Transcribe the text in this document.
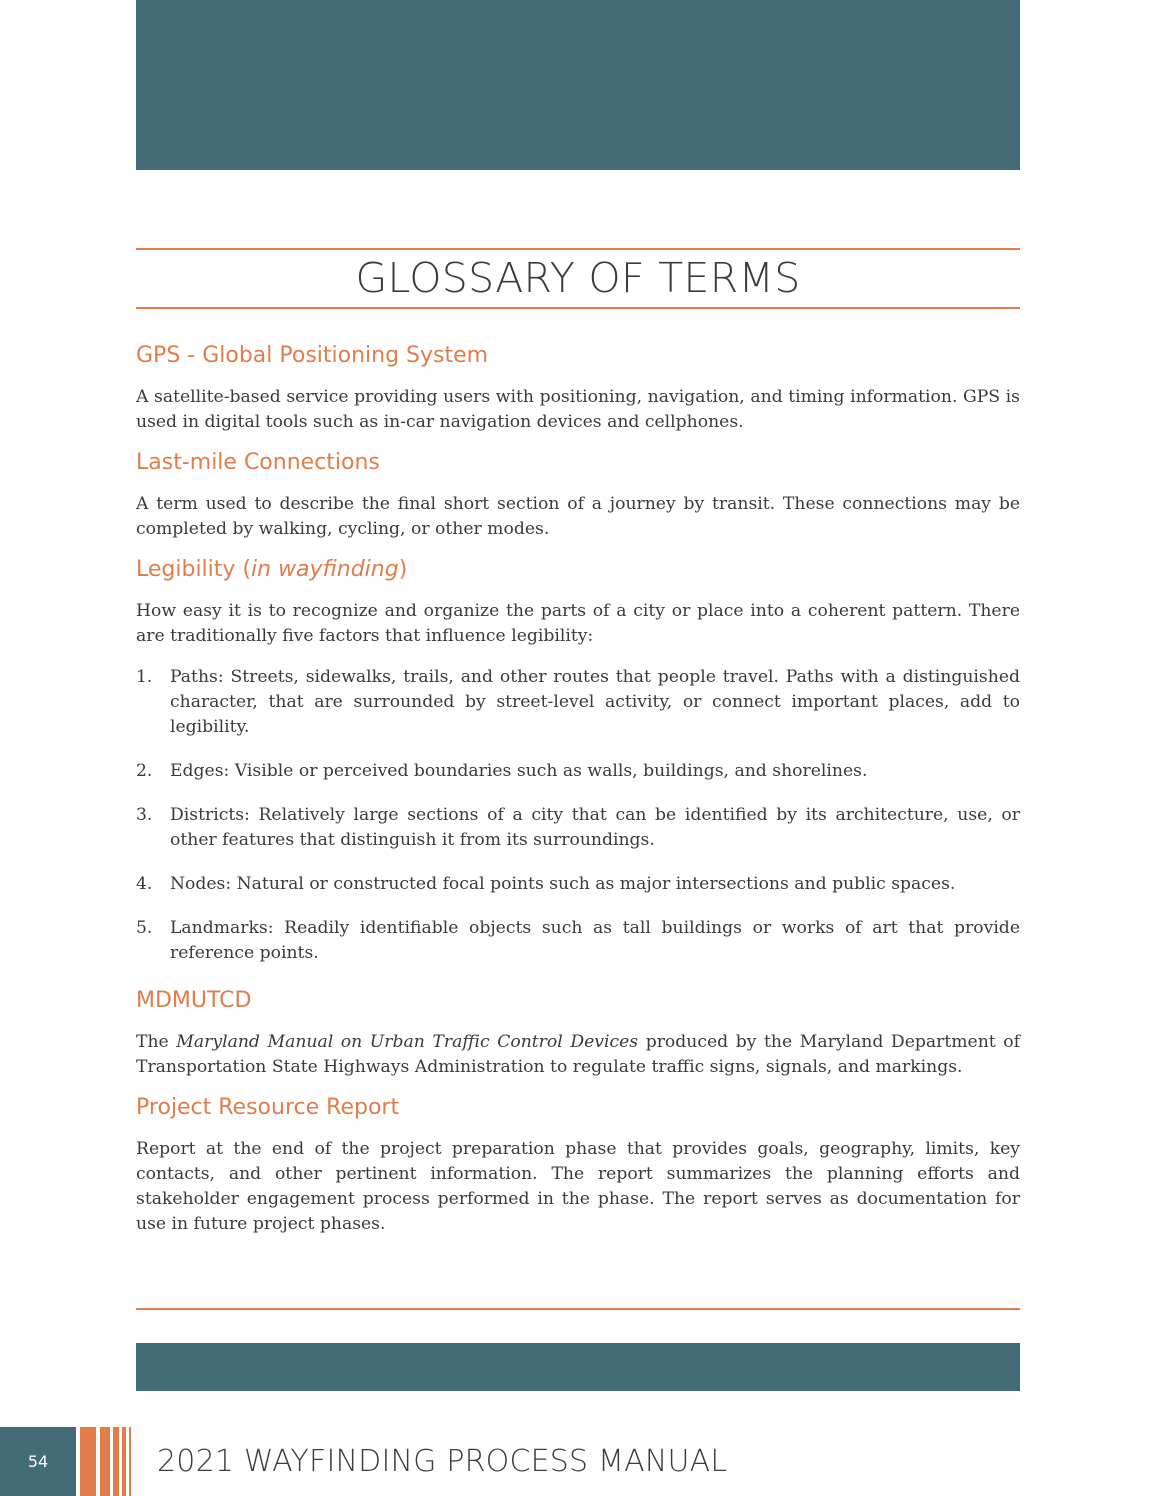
GLOSSARY OF TERMS
GPS - Global Positioning System

A satellite-based service providing users with positioning, navigation, and timing information. GPS is used in digital tools such as in-car navigation devices and cellphones.

Last-mile Connections

A term used to describe the final short section of a journey by transit. These connections may be completed by walking, cycling, or other modes.

Legibility (in wayfinding)

How easy it is to recognize and organize the parts of a city or place into a coherent pattern. There are traditionally five factors that influence legibility:

1.	Paths: Streets, sidewalks, trails, and other routes that people travel. Paths with a distinguished character, that are surrounded by street-level activity, or connect important places, add to legibility.
2.	Edges: Visible or perceived boundaries such as walls, buildings, and shorelines.
3.	Districts: Relatively large sections of a city that can be identified by its architecture, use, or other features that distinguish it from its surroundings.
4.	Nodes: Natural or constructed focal points such as major intersections and public spaces.
5.	Landmarks: Readily identifiable objects such as tall buildings or works of art that provide reference points.
MDMUTCD

The Maryland Manual on Urban Traffic Control Devices produced by the Maryland Department of Transportation State Highways Administration to regulate traffic signs, signals, and markings.

Project Resource Report

Report at the end of the project preparation phase that provides goals, geography, limits, key contacts, and other pertinent information. The report summarizes the planning efforts and stakeholder engagement process performed in the phase. The report serves as documentation for use in future project phases.

54	2021 WAYFINDING PROCESS MANUAL
